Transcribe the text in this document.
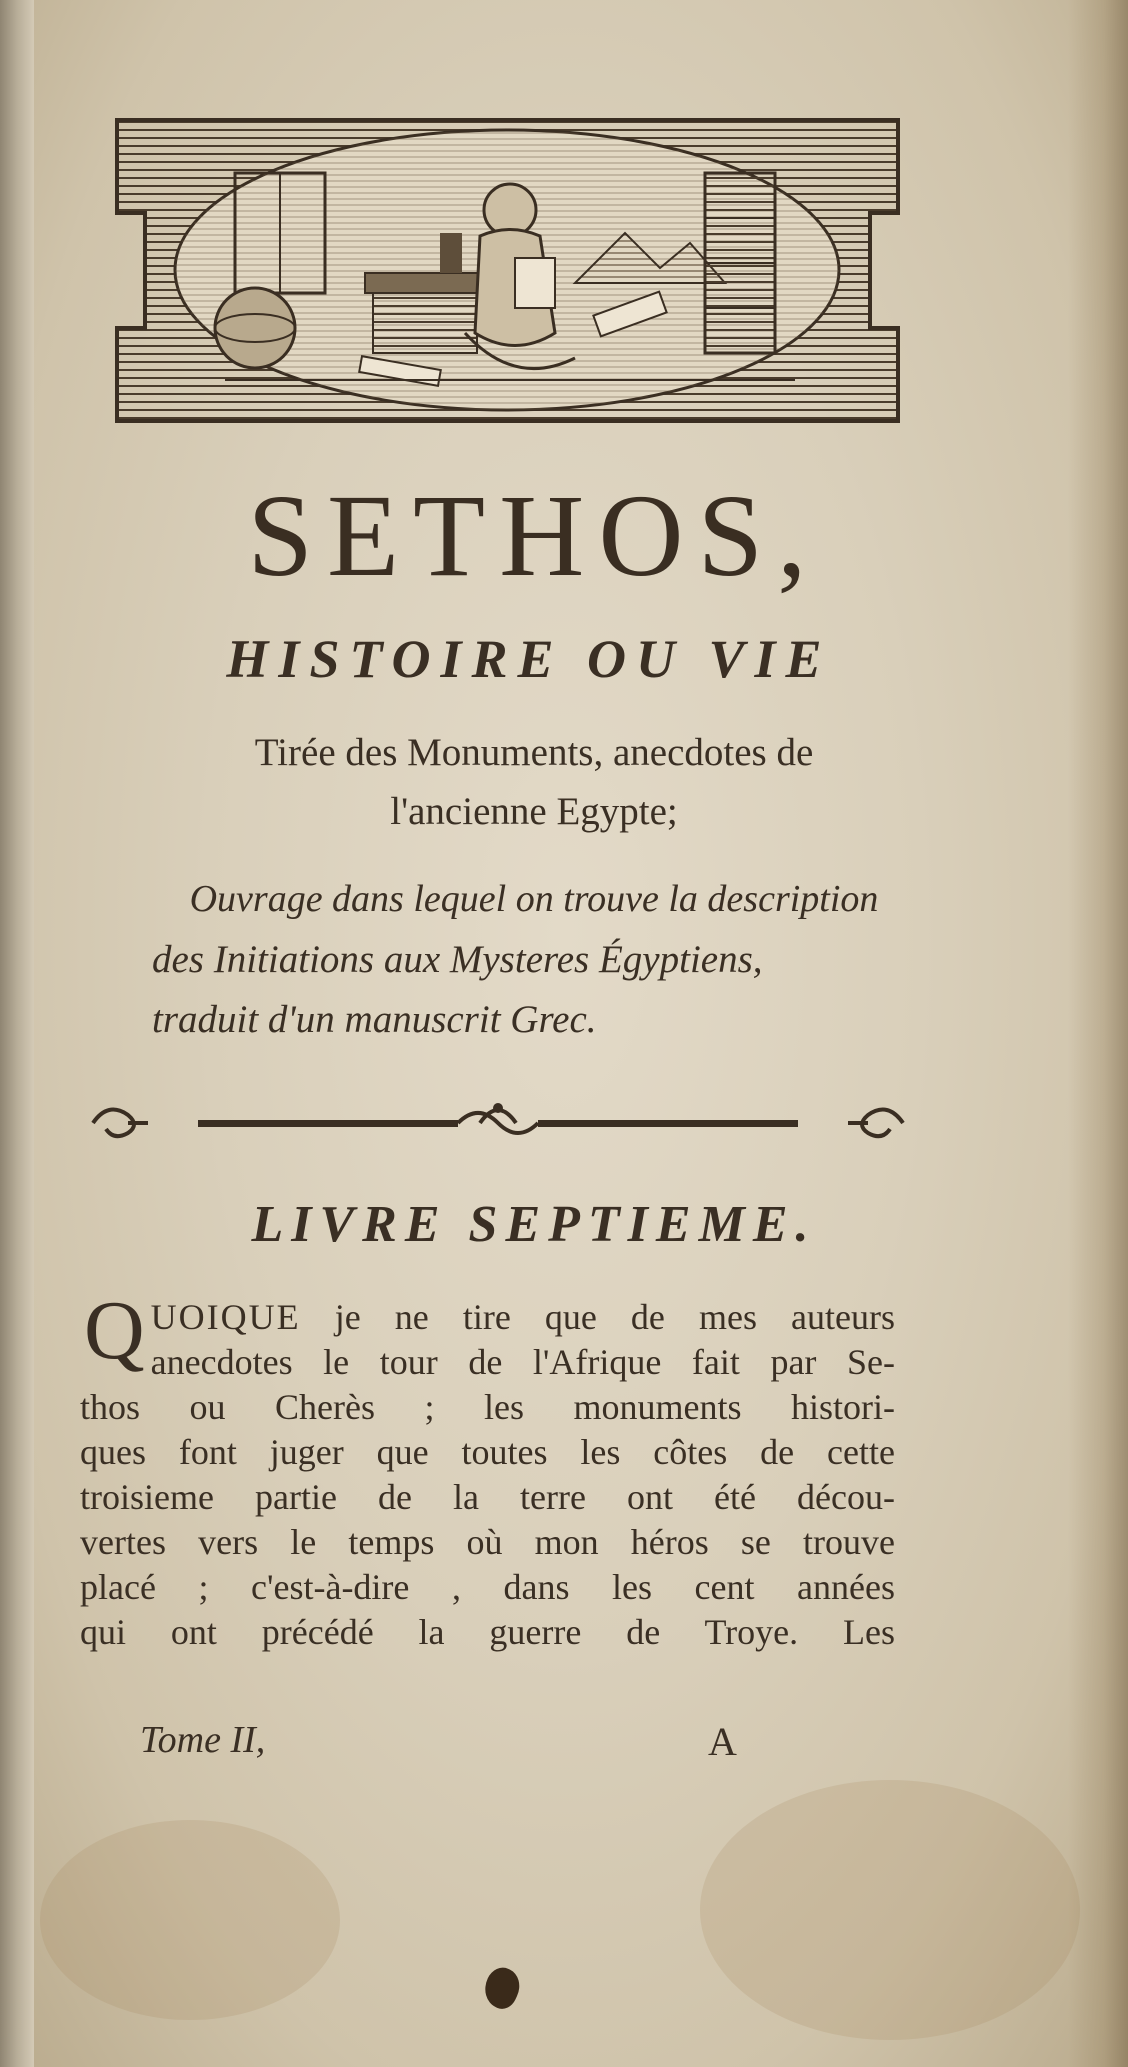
SETHOS,
HISTOIRE OU VIE

Tirée des Monuments, anecdotes de

l'ancienne Egypte;

Ouvrage dans lequel on trouve la description

des Initiations aux Mysteres Égyptiens,

traduit d'un manuscrit Grec.

LIVRE SEPTIEME.
Q UOIQUE je ne tire que de mes auteurs
anecdotes le tour de l'Afrique fait par Se-
thos ou Cherès ; les monuments histori-
ques font juger que toutes les côtes de cette
troisieme partie de la terre ont été décou-
vertes vers le temps où mon héros se trouve
placé ; c'est-à-dire , dans les cent années
qui ont précédé la guerre de Troye. Les

Tome II,	A
